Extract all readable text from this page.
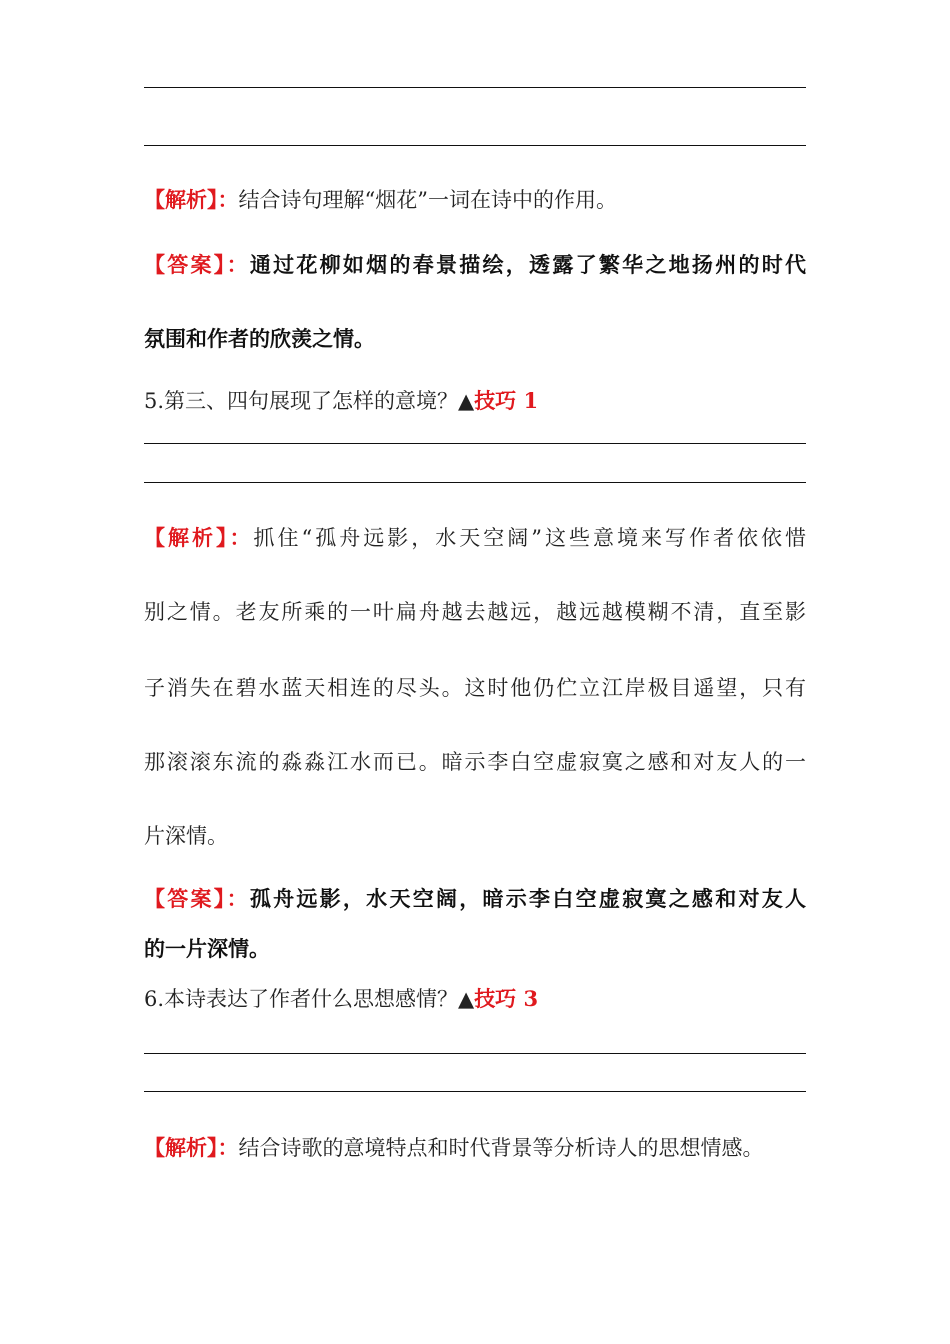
【解析】：结合诗句理解“烟花”一词在诗中的作用。
【答案】：通过花柳如烟的春景描绘，透露了繁华之地扬州的时代
氛围和作者的欣羡之情。
5.第三、四句展现了怎样的意境？▲技巧 1
【解析】：抓住“孤舟远影，水天空阔”这些意境来写作者依依惜
别之情。老友所乘的一叶扁舟越去越远，越远越模糊不清，直至影
子消失在碧水蓝天相连的尽头。这时他仍伫立江岸极目遥望，只有
那滚滚东流的淼淼江水而已。暗示李白空虚寂寞之感和对友人的一
片深情。
【答案】：孤舟远影，水天空阔，暗示李白空虚寂寞之感和对友人
的一片深情。
6.本诗表达了作者什么思想感情？▲技巧 3
【解析】：结合诗歌的意境特点和时代背景等分析诗人的思想情感。
